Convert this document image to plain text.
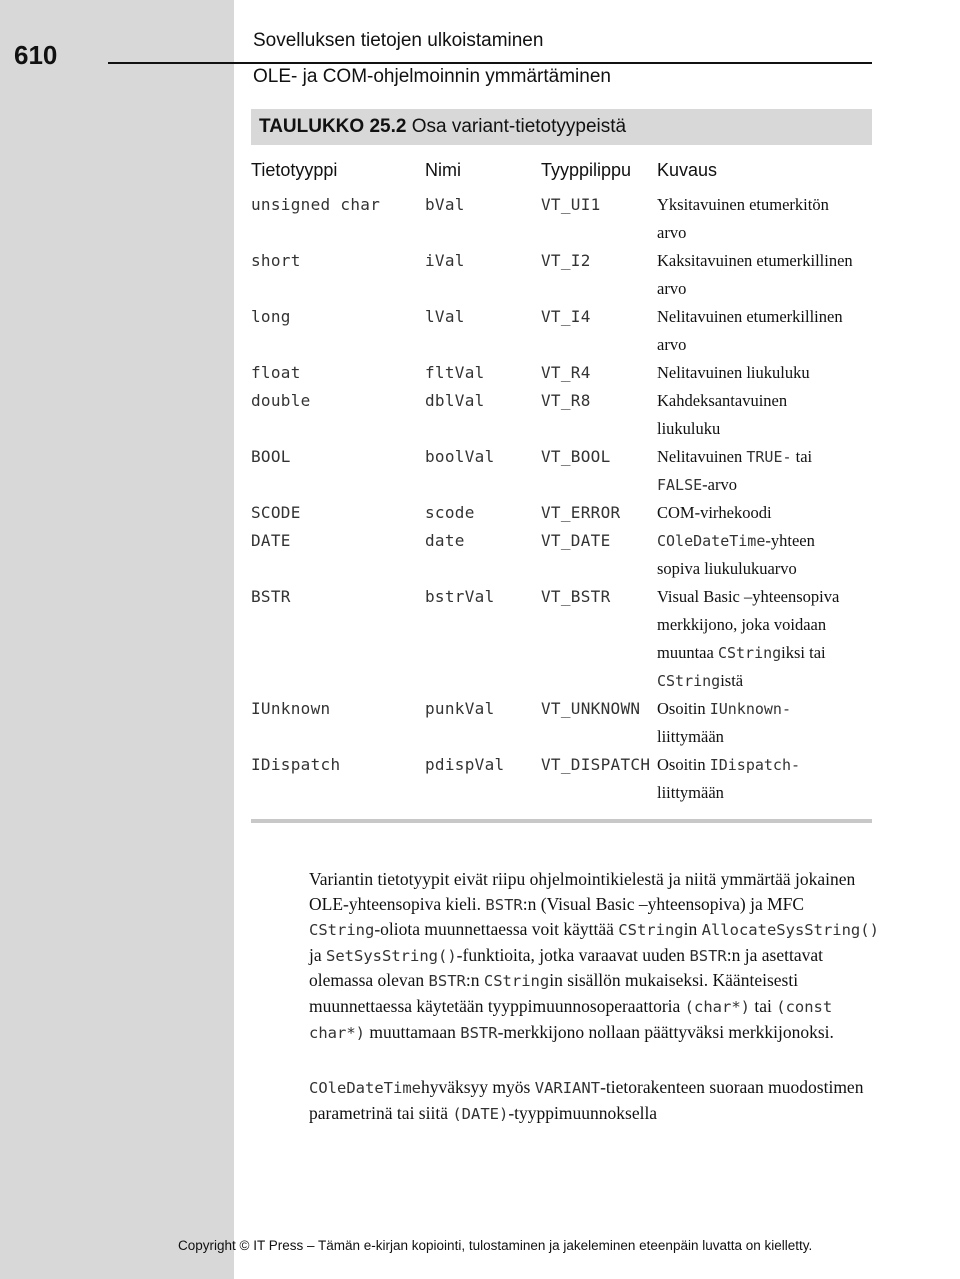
610	Sovelluksen tietojen ulkoistaminen
OLE- ja COM-ohjelmoinnin ymmärtäminen
TAULUKKO 25.2 Osa variant-tietotyypeistä
Tietotyyppi	Nimi	Tyyppilippu Kuvaus
unsigned char	bVal	VT_UI1	Yksitavuinen etumerkitön
arvo
short	iVal	VT_I2	Kaksitavuinen etumerkillinen
arvo
long	lVal	VT_I4	Nelitavuinen etumerkillinen
arvo
float	fltVal	VT_R4	Nelitavuinen liukuluku
double	dblVal	VT_R8	Kahdeksantavuinen
liukuluku
BOOL	boolVal	VT_BOOL	Nelitavuinen TRUE- tai
FALSE-arvo
SCODE	scode	VT_ERROR COM-virhekoodi
DATE	date	VT_DATE	COleDateTime-yhteen
sopiva liukulukuarvo
BSTR	bstrVal	VT_BSTR	Visual Basic –yhteensopiva
merkkijono, joka voidaan
muuntaa CStringiksi tai
CStringistä
IUnknown	punkVal	VT_UNKNOWN Osoitin IUnknown-
liittymään
IDispatch	pdispVal VT_DISPATCH Osoitin IDispatch-
liittymään
Variantin tietotyypit eivät riipu ohjelmointikielestä ja niitä ymmärtää jokainen OLE-yhteensopiva kieli. BSTR:n (Visual Basic –yhteensopiva) ja MFC CString-oliota muunnettaessa voit käyttää CStringin AllocateSysString() ja SetSysString()-funktioita, jotka varaavat uuden BSTR:n ja asettavat olemassa olevan BSTR:n CStringin sisällön mukaiseksi. Käänteisesti muunnettaessa käytetään tyyppimuunnosoperaattoria (char*) tai (const char*) muuttamaan BSTR-merkkijono nollaan päättyväksi merkkijonoksi.
COleDateTimehyväksyy myös VARIANT-tietorakenteen suoraan muodostimen parametrinä tai siitä (DATE)-tyyppimuunnoksella
Copyright © IT Press – Tämän e-kirjan kopiointi, tulostaminen ja jakeleminen eteenpäin luvatta on kielletty.
